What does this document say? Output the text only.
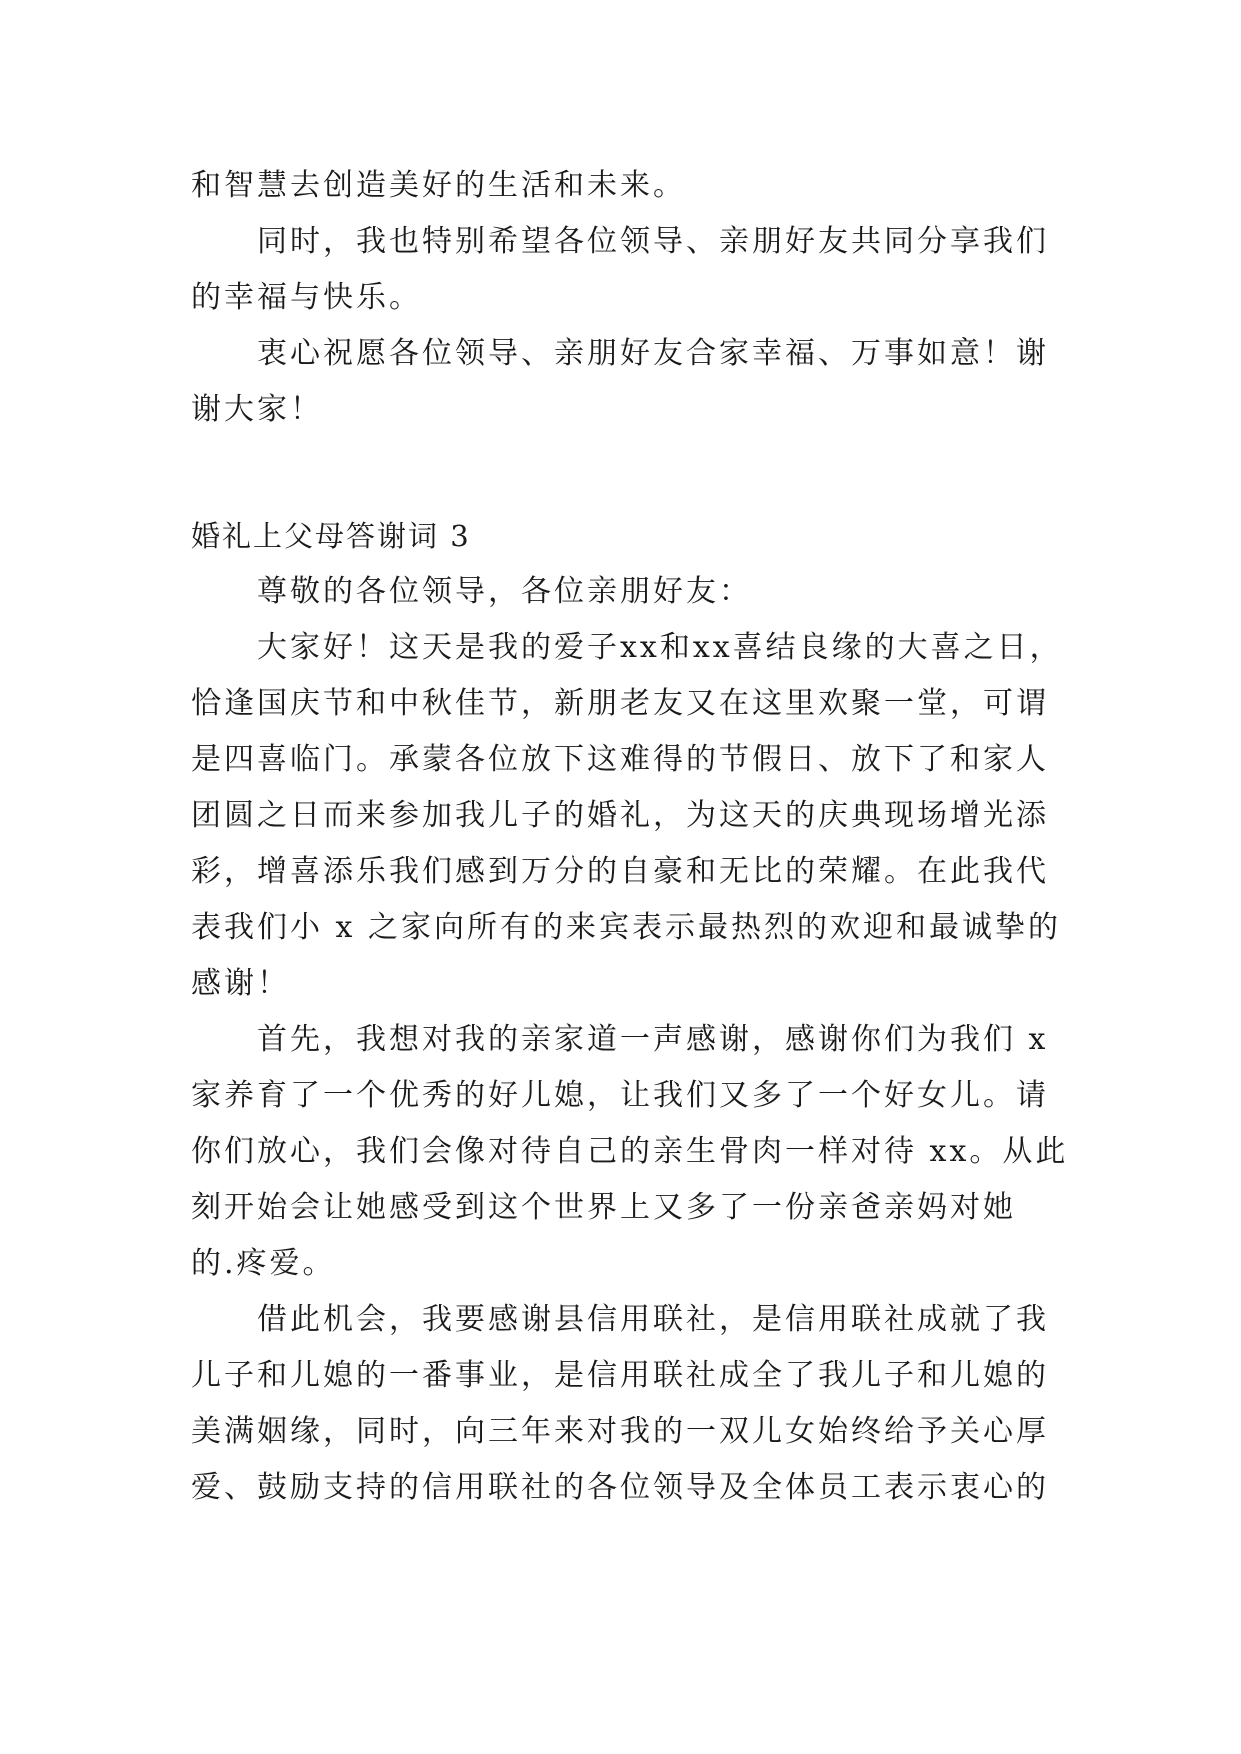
和智慧去创造美好的生活和未来。
同时，我也特别希望各位领导、亲朋好友共同分享我们
的幸福与快乐。
衷心祝愿各位领导、亲朋好友合家幸福、万事如意！谢
谢大家！
婚礼上父母答谢词 3
尊敬的各位领导，各位亲朋好友：
大家好！这天是我的爱子xx和xx喜结良缘的大喜之日，
恰逢国庆节和中秋佳节，新朋老友又在这里欢聚一堂，可谓
是四喜临门。承蒙各位放下这难得的节假日、放下了和家人
团圆之日而来参加我儿子的婚礼，为这天的庆典现场增光添
彩，增喜添乐我们感到万分的自豪和无比的荣耀。在此我代
表我们小 x 之家向所有的来宾表示最热烈的欢迎和最诚挚的
感谢！
首先，我想对我的亲家道一声感谢，感谢你们为我们 x
家养育了一个优秀的好儿媳，让我们又多了一个好女儿。请
你们放心，我们会像对待自己的亲生骨肉一样对待 xx。从此
刻开始会让她感受到这个世界上又多了一份亲爸亲妈对她
的.疼爱。
借此机会，我要感谢县信用联社，是信用联社成就了我
儿子和儿媳的一番事业，是信用联社成全了我儿子和儿媳的
美满姻缘，同时，向三年来对我的一双儿女始终给予关心厚
爱、鼓励支持的信用联社的各位领导及全体员工表示衷心的
